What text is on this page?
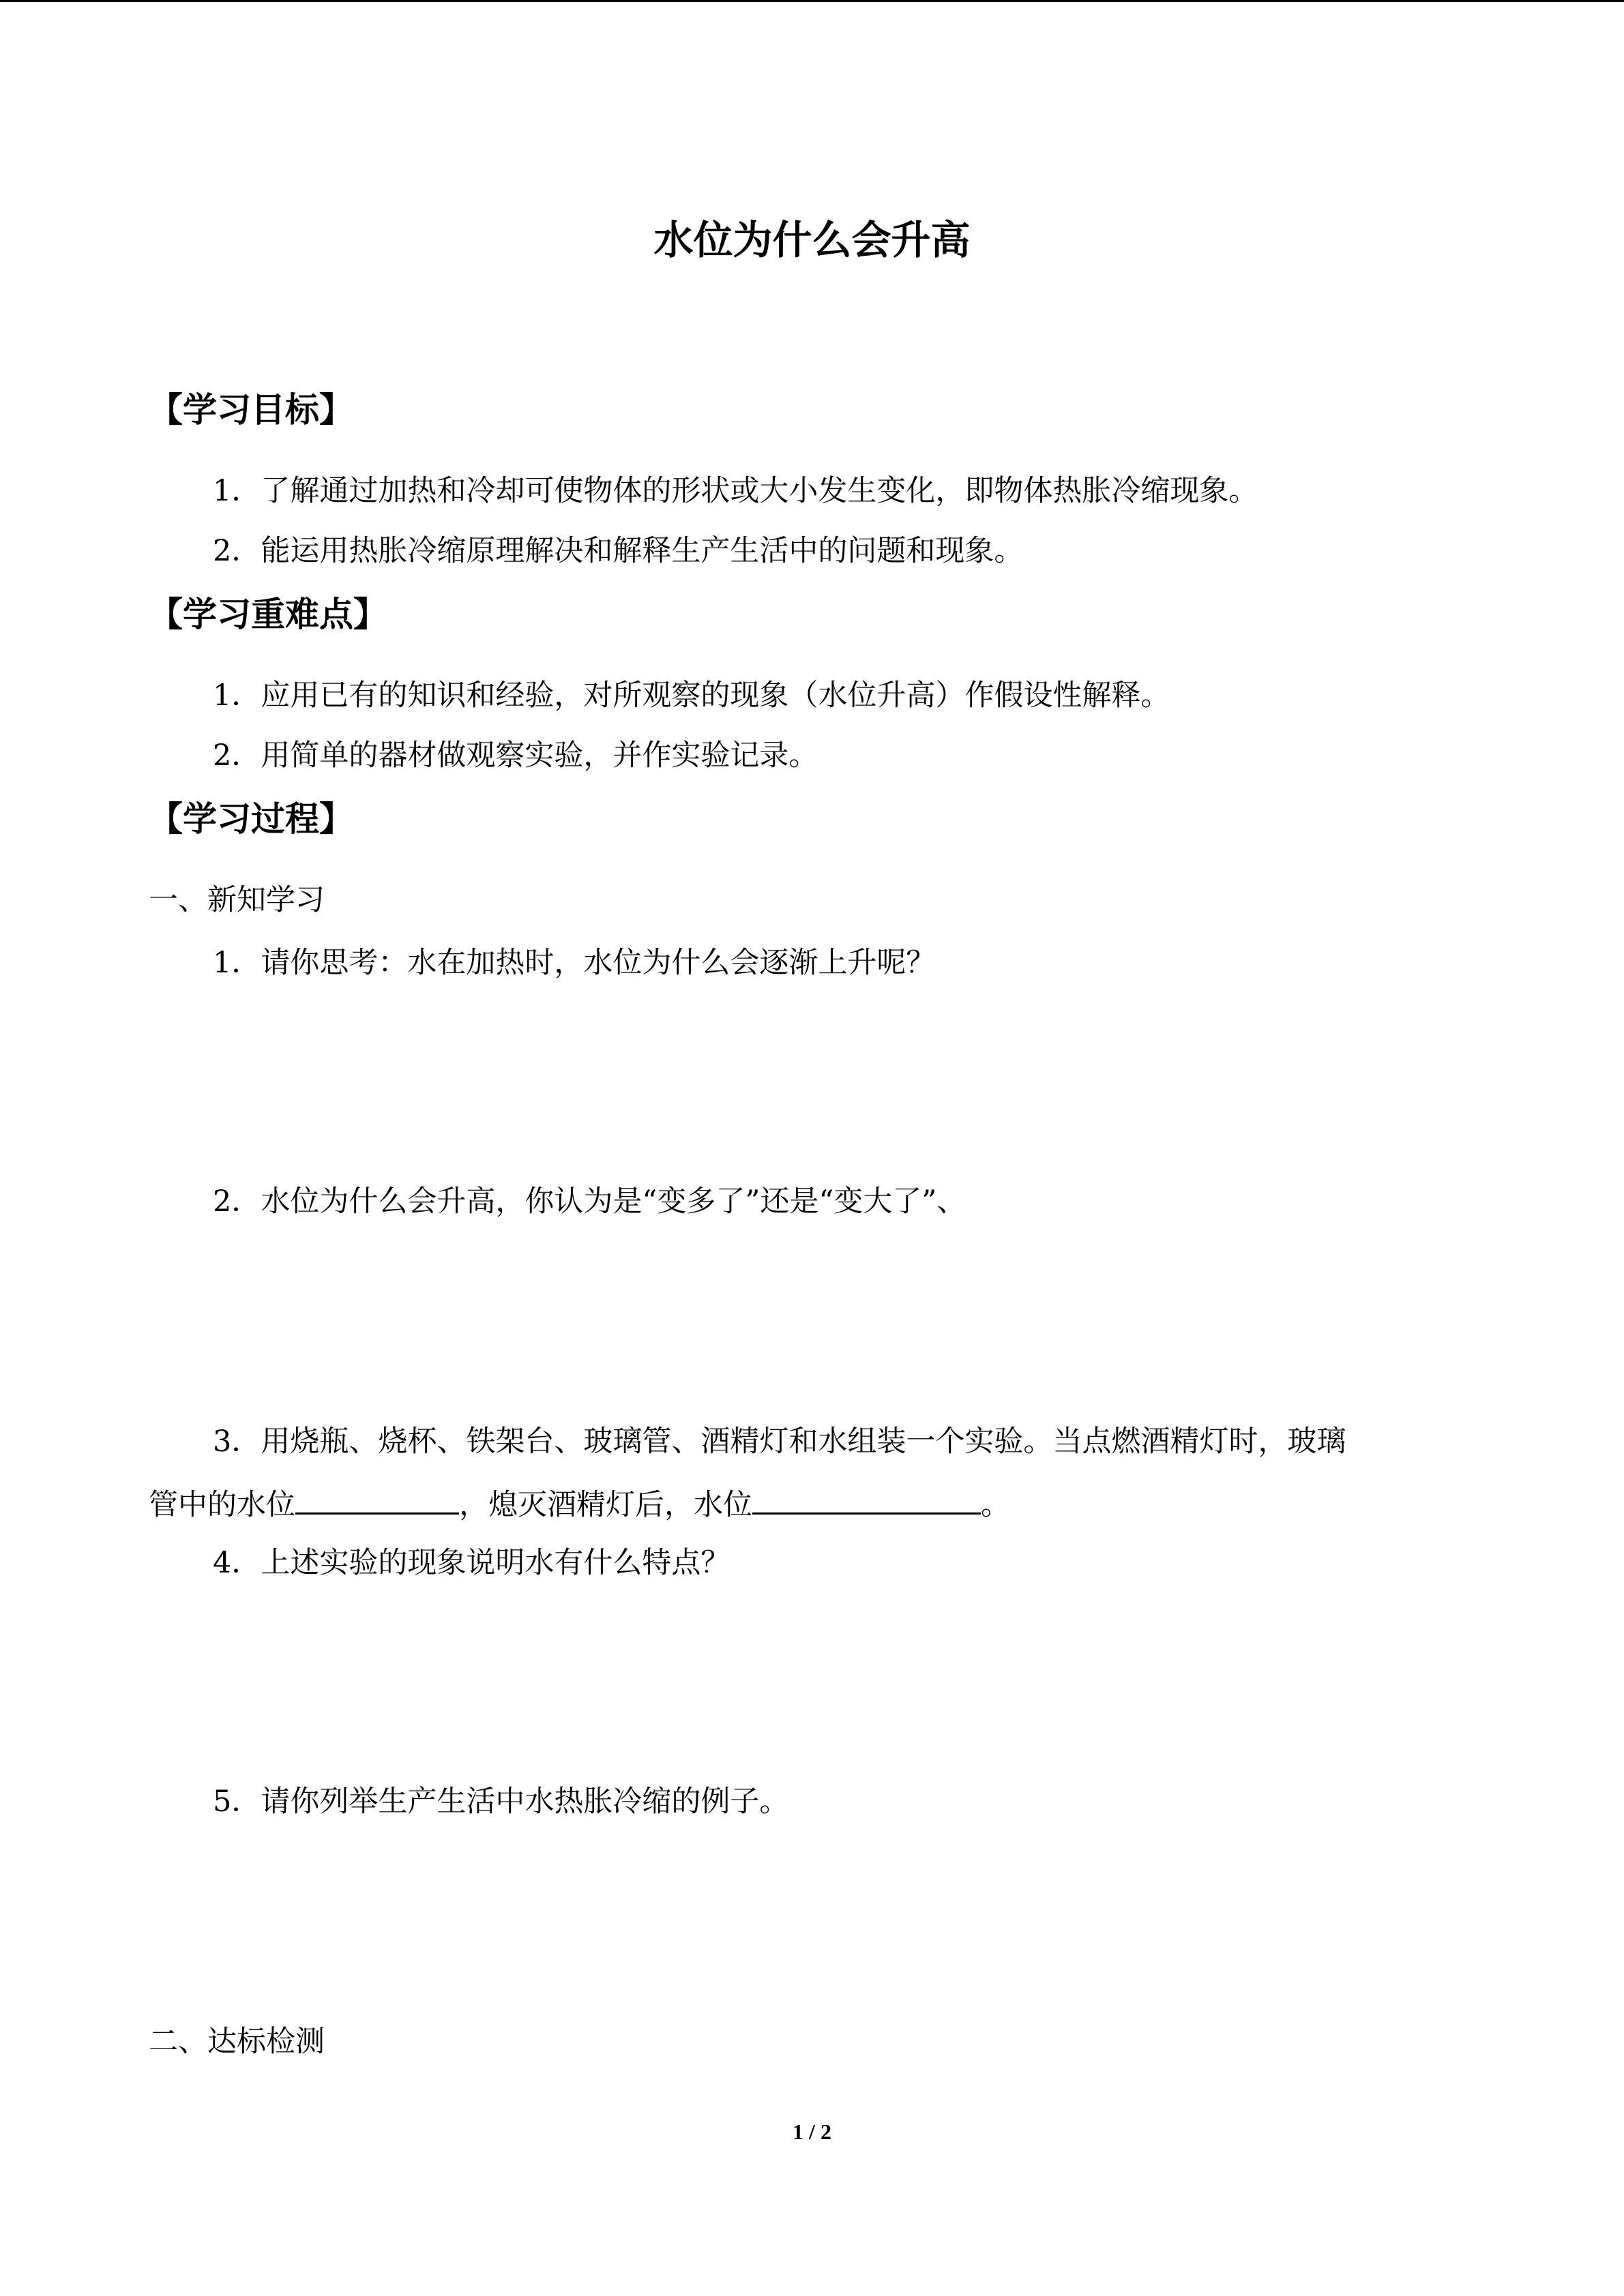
水位为什么会升高
【学习目标】
1．了解通过加热和冷却可使物体的形状或大小发生变化，即物体热胀冷缩现象。
2．能运用热胀冷缩原理解决和解释生产生活中的问题和现象。
【学习重难点】
1．应用已有的知识和经验，对所观察的现象（水位升高）作假设性解释。
2．用简单的器材做观察实验，并作实验记录。
【学习过程】
一、新知学习
1．请你思考：水在加热时，水位为什么会逐渐上升呢？
2．水位为什么会升高，你认为是“变多了”还是“变大了”、
3．用烧瓶、烧杯、铁架台、玻璃管、酒精灯和水组装一个实验。当点燃酒精灯时，玻璃
管中的水位	，熄灭酒精灯后，水位	。
4．上述实验的现象说明水有什么特点？
5．请你列举生产生活中水热胀冷缩的例子。
二、达标检测
1 / 2
